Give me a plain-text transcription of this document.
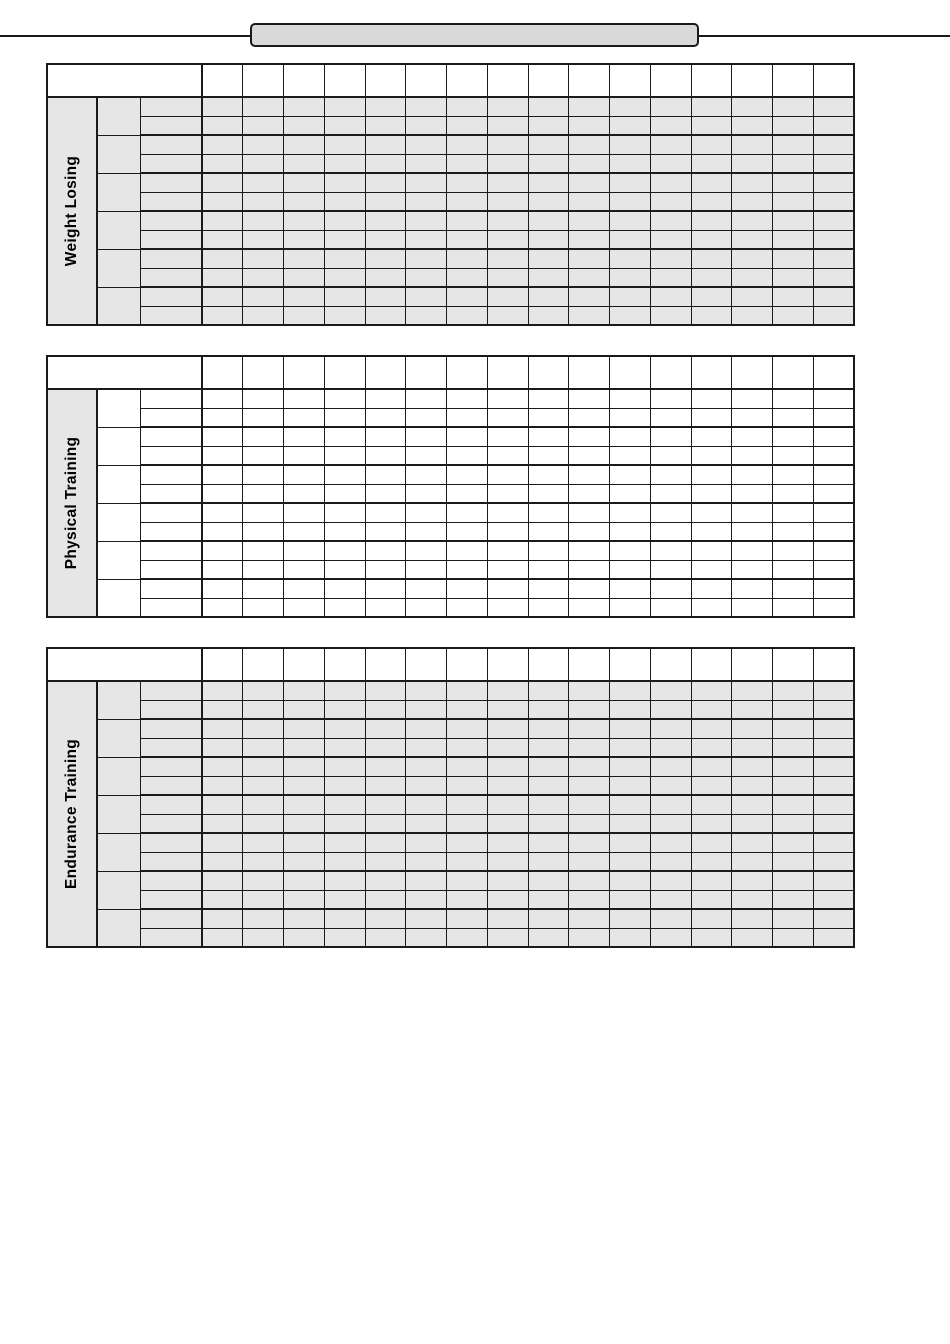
Weight Losing																		

Physical Training																		

Endurance Training																		
